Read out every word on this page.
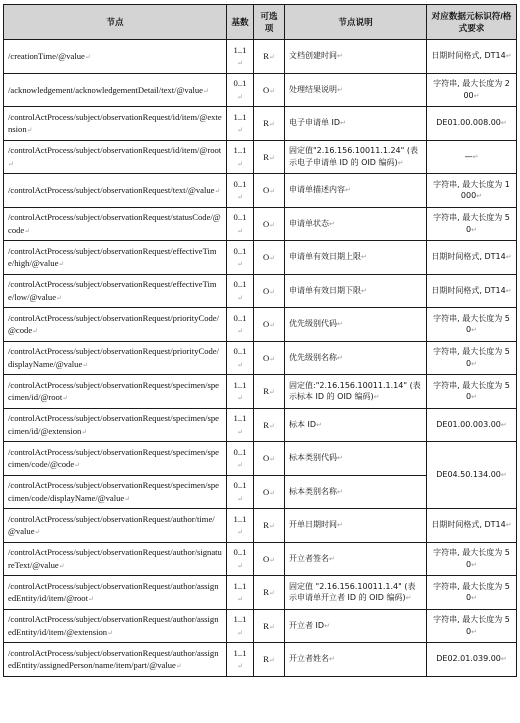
节点	基数	可选项	节点说明	对应数据元标识符/格式要求
/creationTime/@value↵	1..1↵	R↵	文档创建时间↵	日期时间格式, DT14↵
/acknowledgement/acknowledgementDetail/text/@value↵	0..1↵	O↵	处理结果说明↵	字符串, 最大长度为 200↵
/controlActProcess/subject/observationRequest/id/item/@extension↵	1..1↵	R↵	电子申请单 ID↵	DE01.00.008.00↵
/controlActProcess/subject/observationRequest/id/item/@root↵	1..1↵	R↵	固定值"2.16.156.10011.1.24" (表示电子申请单 ID 的 OID 编码)↵	—↵
/controlActProcess/subject/observationRequest/text/@value↵	0..1↵	O↵	申请单描述内容↵	字符串, 最大长度为 1000↵
/controlActProcess/subject/observationRequest/statusCode/@code↵	0..1↵	O↵	申请单状态↵	字符串, 最大长度为 50↵
/controlActProcess/subject/observationRequest/effectiveTime/high/@value↵	0..1↵	O↵	申请单有效日期上限↵	日期时间格式, DT14↵
/controlActProcess/subject/observationRequest/effectiveTime/low/@value↵	0..1↵	O↵	申请单有效日期下限↵	日期时间格式, DT14↵
/controlActProcess/subject/observationRequest/priorityCode/@code↵	0..1↵	O↵	优先级别代码↵	字符串, 最大长度为 50↵
/controlActProcess/subject/observationRequest/priorityCode/displayName/@value↵	0..1↵	O↵	优先级别名称↵	字符串, 最大长度为 50↵
/controlActProcess/subject/observationRequest/specimen/specimen/id/@root↵	1..1↵	R↵	固定值:"2.16.156.10011.1.14" (表示标本 ID 的 OID 编码)↵	字符串, 最大长度为 50↵
/controlActProcess/subject/observationRequest/specimen/specimen/id/@extension↵	1..1↵	R↵	标本 ID↵	DE01.00.003.00↵
/controlActProcess/subject/observationRequest/specimen/specimen/code/@code↵	0..1↵	O↵	标本类别代码↵	DE04.50.134.00↵
/controlActProcess/subject/observationRequest/specimen/specimen/code/displayName/@value↵	0..1↵	O↵	标本类别名称↵	
/controlActProcess/subject/observationRequest/author/time/@value↵	1..1↵	R↵	开单日期时间↵	日期时间格式, DT14↵
/controlActProcess/subject/observationRequest/author/signatureText/@value↵	0..1↵	O↵	开立者签名↵	字符串, 最大长度为 50↵
/controlActProcess/subject/observationRequest/author/assignedEntity/id/item/@root↵	1..1↵	R↵	固定值 "2.16.156.10011.1.4" (表示申请单开立者 ID 的 OID 编码)↵	字符串, 最大长度为 50↵
/controlActProcess/subject/observationRequest/author/assignedEntity/id/item/@extension↵	1..1↵	R↵	开立者 ID↵	字符串, 最大长度为 50↵
/controlActProcess/subject/observationRequest/author/assignedEntity/assignedPerson/name/item/part/@value↵	1..1↵	R↵	开立者姓名↵	DE02.01.039.00↵
